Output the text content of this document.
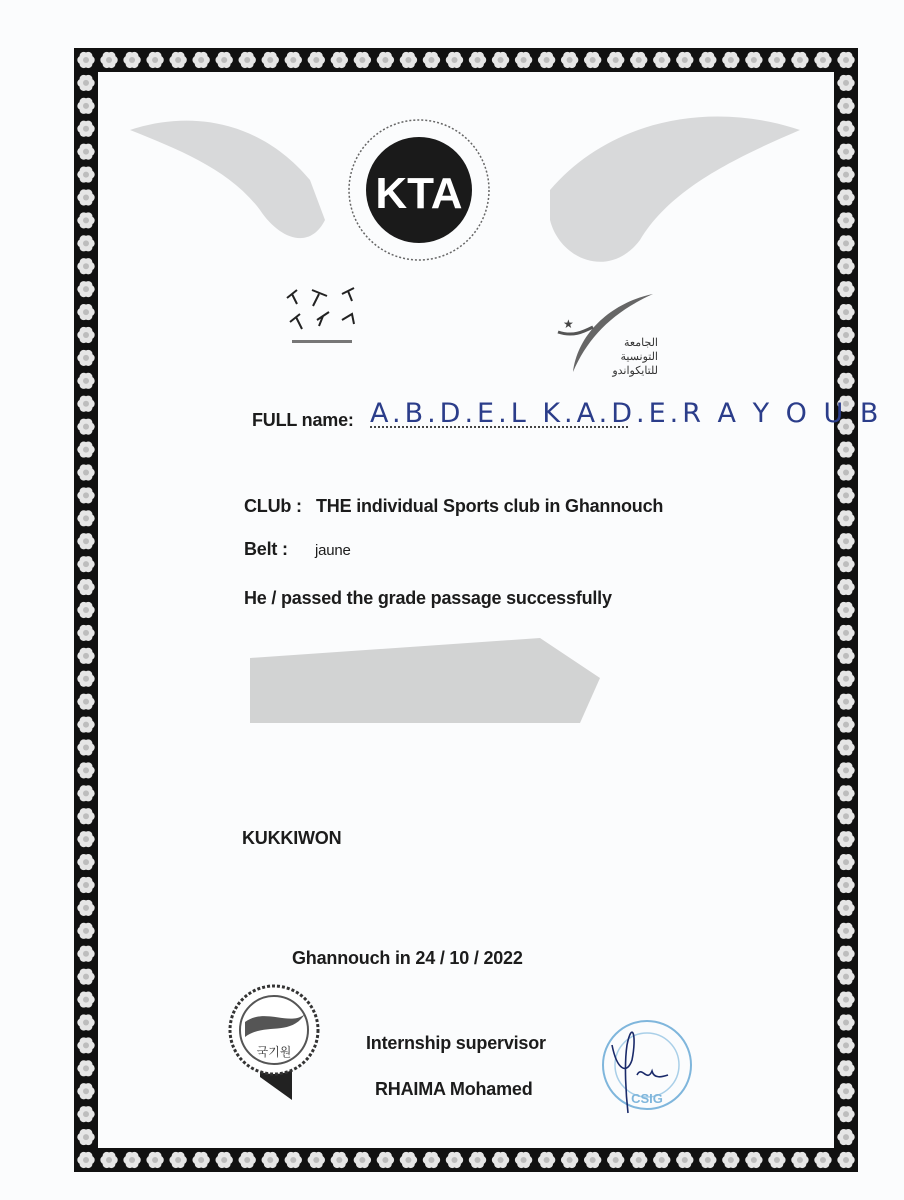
KTA
★
الجامعة
التونسية
للتايكواندو
FULL name: A.B.D.E.L K.A.D.E.R A Y O U B
CLUb : THE individual Sports club in Ghannouch
Belt : jaune
He / passed the grade passage successfully
KUKKIWON
Ghannouch in 24 / 10 / 2022
국기원	Internship supervisor
RHAIMA Mohamed	CSIG
